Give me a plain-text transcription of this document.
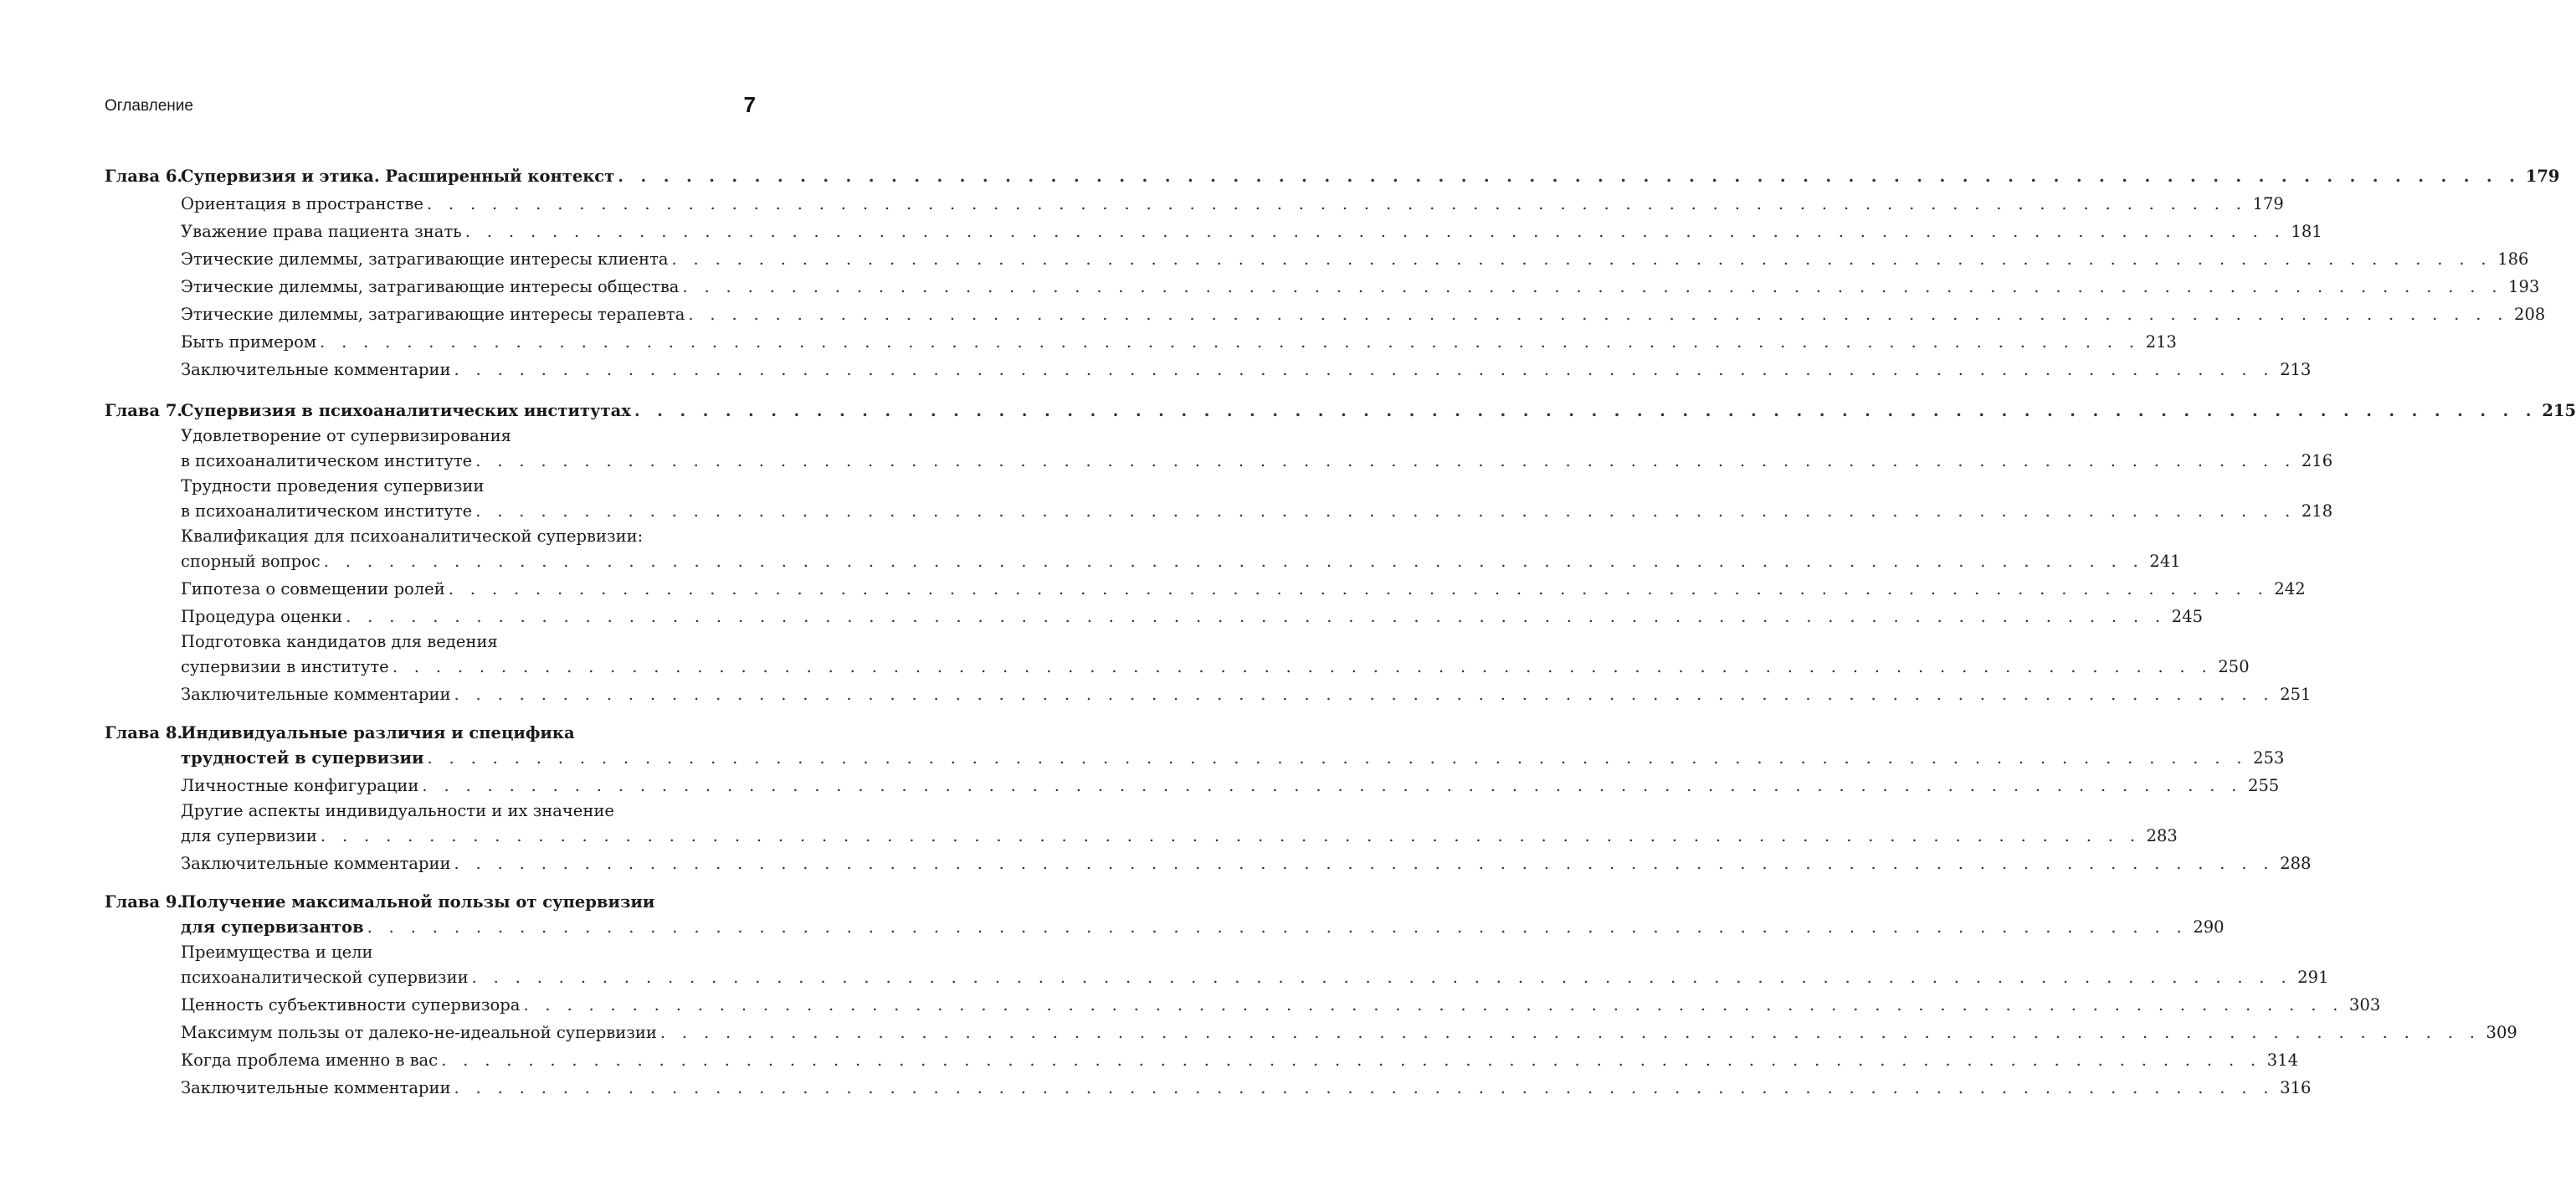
Оглавление	7
Глава 6.Супервизия и этика. Расширенный контекст . . . . . . . . . . . . . . . . . . . . . . . . . . . . . . . . . . . . . . . . . . . . . . . . . . . . . . . . . . . . . . . . . . . . . . . . . . . . . . . . . . . . 179
Ориентация в пространстве . . . . . . . . . . . . . . . . . . . . . . . . . . . . . . . . . . . . . . . . . . . . . . . . . . . . . . . . . . . . . . . . . . . . . . . . . . . . . . . . . . . . 179
Уважение права пациента знать . . . . . . . . . . . . . . . . . . . . . . . . . . . . . . . . . . . . . . . . . . . . . . . . . . . . . . . . . . . . . . . . . . . . . . . . . . . . . . . . . . . . 181
Этические дилеммы, затрагивающие интересы клиента . . . . . . . . . . . . . . . . . . . . . . . . . . . . . . . . . . . . . . . . . . . . . . . . . . . . . . . . . . . . . . . . . . . . . . . . . . . . . . . . . . . . 186
Этические дилеммы, затрагивающие интересы общества . . . . . . . . . . . . . . . . . . . . . . . . . . . . . . . . . . . . . . . . . . . . . . . . . . . . . . . . . . . . . . . . . . . . . . . . . . . . . . . . . . . . 193
Этические дилеммы, затрагивающие интересы терапевта . . . . . . . . . . . . . . . . . . . . . . . . . . . . . . . . . . . . . . . . . . . . . . . . . . . . . . . . . . . . . . . . . . . . . . . . . . . . . . . . . . . . 208
Быть примером . . . . . . . . . . . . . . . . . . . . . . . . . . . . . . . . . . . . . . . . . . . . . . . . . . . . . . . . . . . . . . . . . . . . . . . . . . . . . . . . . . . . 213
Заключительные комментарии . . . . . . . . . . . . . . . . . . . . . . . . . . . . . . . . . . . . . . . . . . . . . . . . . . . . . . . . . . . . . . . . . . . . . . . . . . . . . . . . . . . . 213
Глава 7.Супервизия в психоаналитических институтах . . . . . . . . . . . . . . . . . . . . . . . . . . . . . . . . . . . . . . . . . . . . . . . . . . . . . . . . . . . . . . . . . . . . . . . . . . . . . . . . . . . . 215
Удовлетворение от супервизирования
в психоаналитическом институте . . . . . . . . . . . . . . . . . . . . . . . . . . . . . . . . . . . . . . . . . . . . . . . . . . . . . . . . . . . . . . . . . . . . . . . . . . . . . . . . . . . . 216
Трудности проведения супервизии
в психоаналитическом институте . . . . . . . . . . . . . . . . . . . . . . . . . . . . . . . . . . . . . . . . . . . . . . . . . . . . . . . . . . . . . . . . . . . . . . . . . . . . . . . . . . . . 218
Квалификация для психоаналитической супервизии:
спорный вопрос . . . . . . . . . . . . . . . . . . . . . . . . . . . . . . . . . . . . . . . . . . . . . . . . . . . . . . . . . . . . . . . . . . . . . . . . . . . . . . . . . . . . 241
Гипотеза о совмещении ролей . . . . . . . . . . . . . . . . . . . . . . . . . . . . . . . . . . . . . . . . . . . . . . . . . . . . . . . . . . . . . . . . . . . . . . . . . . . . . . . . . . . . 242
Процедура оценки . . . . . . . . . . . . . . . . . . . . . . . . . . . . . . . . . . . . . . . . . . . . . . . . . . . . . . . . . . . . . . . . . . . . . . . . . . . . . . . . . . . . 245
Подготовка кандидатов для ведения
супервизии в институте . . . . . . . . . . . . . . . . . . . . . . . . . . . . . . . . . . . . . . . . . . . . . . . . . . . . . . . . . . . . . . . . . . . . . . . . . . . . . . . . . . . . 250
Заключительные комментарии . . . . . . . . . . . . . . . . . . . . . . . . . . . . . . . . . . . . . . . . . . . . . . . . . . . . . . . . . . . . . . . . . . . . . . . . . . . . . . . . . . . . 251
Глава 8.Индивидуальные различия и специфика
трудностей в супервизии . . . . . . . . . . . . . . . . . . . . . . . . . . . . . . . . . . . . . . . . . . . . . . . . . . . . . . . . . . . . . . . . . . . . . . . . . . . . . . . . . . . . 253
Личностные конфигурации . . . . . . . . . . . . . . . . . . . . . . . . . . . . . . . . . . . . . . . . . . . . . . . . . . . . . . . . . . . . . . . . . . . . . . . . . . . . . . . . . . . . 255
Другие аспекты индивидуальности и их значение
для супервизии . . . . . . . . . . . . . . . . . . . . . . . . . . . . . . . . . . . . . . . . . . . . . . . . . . . . . . . . . . . . . . . . . . . . . . . . . . . . . . . . . . . . 283
Заключительные комментарии . . . . . . . . . . . . . . . . . . . . . . . . . . . . . . . . . . . . . . . . . . . . . . . . . . . . . . . . . . . . . . . . . . . . . . . . . . . . . . . . . . . . 288
Глава 9.Получение максимальной пользы от супервизии
для супервизантов . . . . . . . . . . . . . . . . . . . . . . . . . . . . . . . . . . . . . . . . . . . . . . . . . . . . . . . . . . . . . . . . . . . . . . . . . . . . . . . . . . . . 290
Преимущества и цели
психоаналитической супервизии . . . . . . . . . . . . . . . . . . . . . . . . . . . . . . . . . . . . . . . . . . . . . . . . . . . . . . . . . . . . . . . . . . . . . . . . . . . . . . . . . . . . 291
Ценность субъективности супервизора . . . . . . . . . . . . . . . . . . . . . . . . . . . . . . . . . . . . . . . . . . . . . . . . . . . . . . . . . . . . . . . . . . . . . . . . . . . . . . . . . . . . 303
Максимум пользы от далеко-не-идеальной супервизии . . . . . . . . . . . . . . . . . . . . . . . . . . . . . . . . . . . . . . . . . . . . . . . . . . . . . . . . . . . . . . . . . . . . . . . . . . . . . . . . . . . . 309
Когда проблема именно в вас . . . . . . . . . . . . . . . . . . . . . . . . . . . . . . . . . . . . . . . . . . . . . . . . . . . . . . . . . . . . . . . . . . . . . . . . . . . . . . . . . . . . 314
Заключительные комментарии . . . . . . . . . . . . . . . . . . . . . . . . . . . . . . . . . . . . . . . . . . . . . . . . . . . . . . . . . . . . . . . . . . . . . . . . . . . . . . . . . . . . 316
